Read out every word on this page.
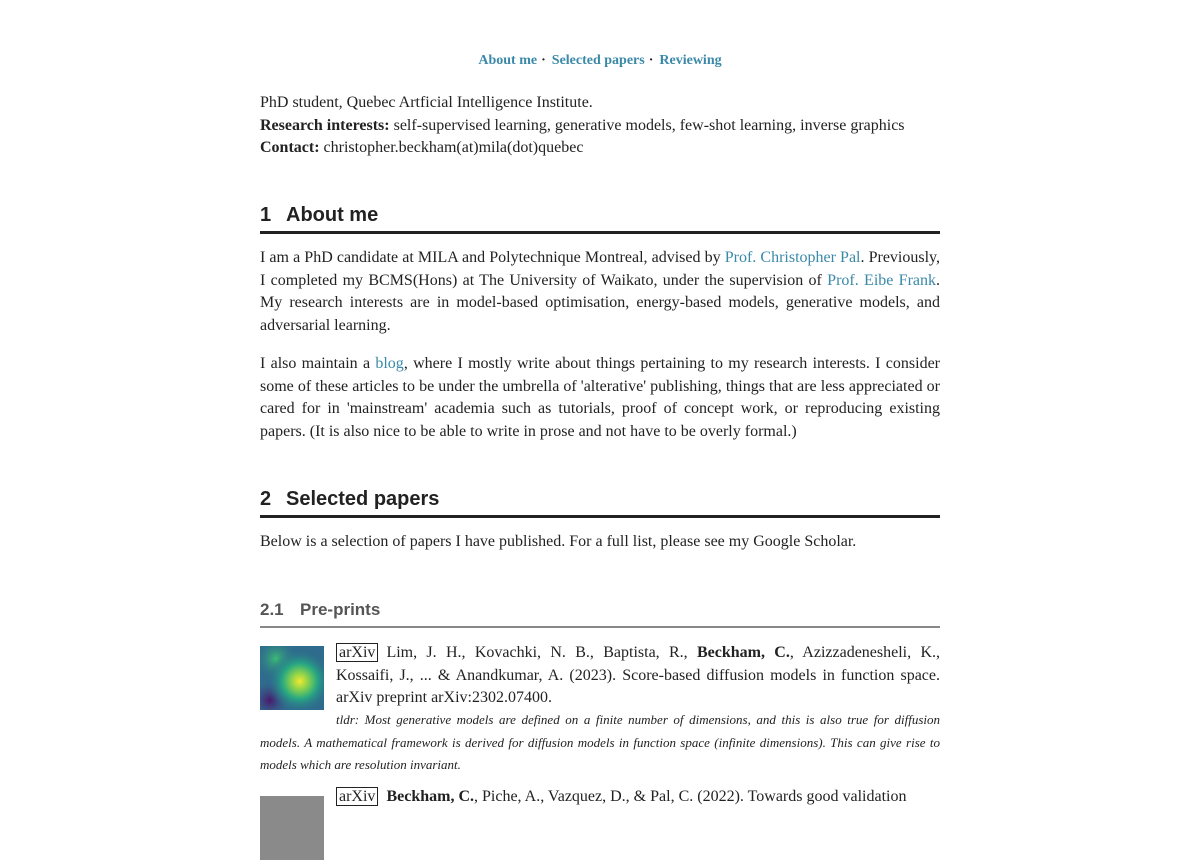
About me · Selected papers · Reviewing
PhD student, Quebec Artficial Intelligence Institute.
Research interests: self-supervised learning, generative models, few-shot learning, inverse graphics
Contact: christopher.beckham(at)mila(dot)quebec
1 About me

I am a PhD candidate at MILA and Polytechnique Montreal, advised by Prof. Christopher Pal. Previously, I completed my BCMS(Hons) at The University of Waikato, under the supervision of Prof. Eibe Frank. My research interests are in model-based optimisation, energy-based models, generative models, and adversarial learning.

I also maintain a blog, where I mostly write about things pertaining to my research interests. I consider some of these articles to be under the umbrella of 'alterative' publishing, things that are less appreciated or cared for in 'mainstream' academia such as tutorials, proof of concept work, or reproducing existing papers. (It is also nice to be able to write in prose and not have to be overly formal.)

2 Selected papers

Below is a selection of papers I have published. For a full list, please see my Google Scholar.

2.1 Pre-prints
arXiv Lim, J. H., Kovachki, N. B., Baptista, R., Beckham, C., Azizzadenesheli, K., Kossaifi, J., ... & Anandkumar, A. (2023). Score-based diffusion models in function space. arXiv preprint arXiv:2302.07400.
tldr: Most generative models are defined on a finite number of dimensions, and this is also true for diffusion models. A mathematical framework is derived for diffusion models in function space (infinite dimensions). This can give rise to models which are resolution invariant.
arXiv Beckham, C., Piche, A., Vazquez, D., & Pal, C. (2022). Towards good validation
